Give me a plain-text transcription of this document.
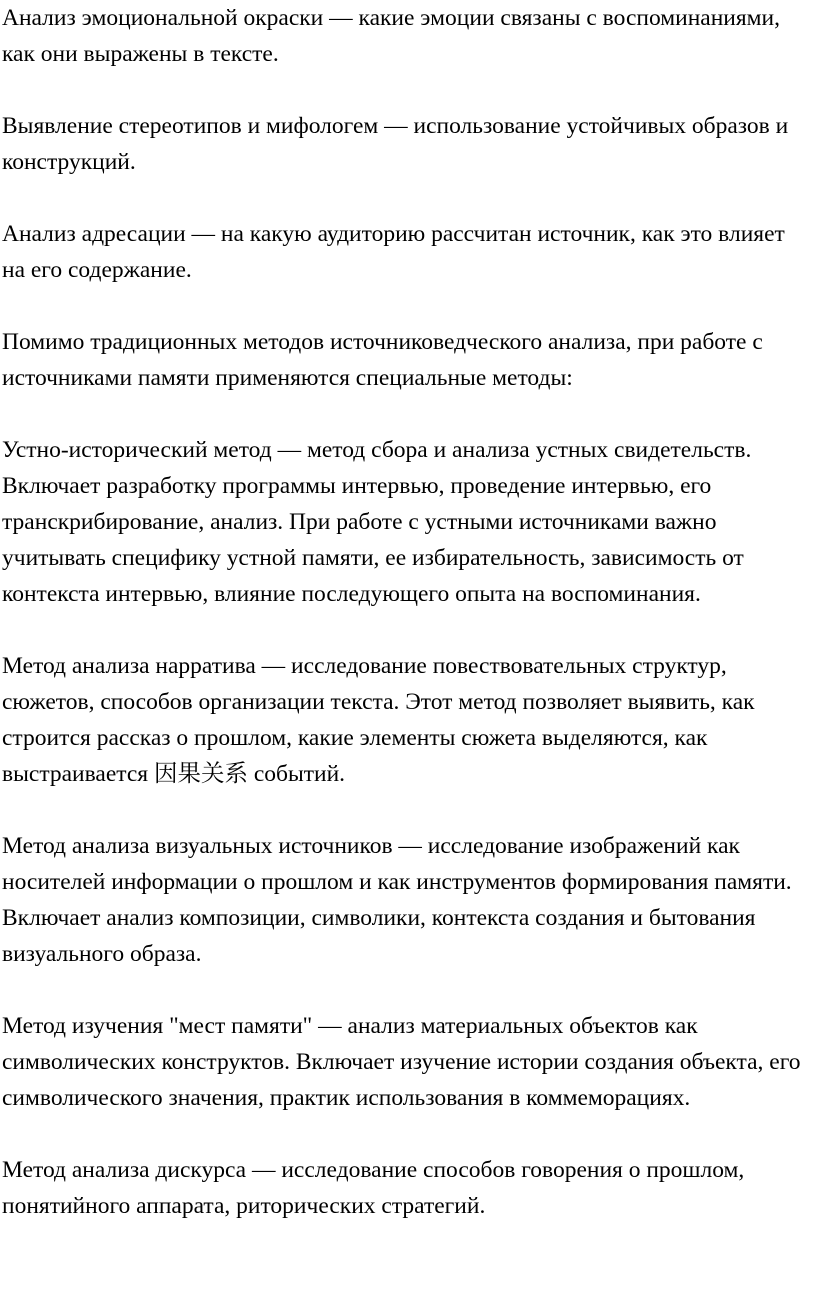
Анализ эмоциональной окраски — какие эмоции связаны с воспоминаниями, как они выражены в тексте.

Выявление стереотипов и мифологем — использование устойчивых образов и конструкций.

Анализ адресации — на какую аудиторию рассчитан источник, как это влияет на его содержание.

Помимо традиционных методов источниковедческого анализа, при работе с источниками памяти применяются специальные методы:

Устно-исторический метод — метод сбора и анализа устных свидетельств. Включает разработку программы интервью, проведение интервью, его транскрибирование, анализ. При работе с устными источниками важно учитывать специфику устной памяти, ее избирательность, зависимость от контекста интервью, влияние последующего опыта на воспоминания.

Метод анализа нарратива — исследование повествовательных структур, сюжетов, способов организации текста. Этот метод позволяет выявить, как строится рассказ о прошлом, какие элементы сюжета выделяются, как выстраивается 因果关系 событий.

Метод анализа визуальных источников — исследование изображений как носителей информации о прошлом и как инструментов формирования памяти. Включает анализ композиции, символики, контекста создания и бытования визуального образа.

Метод изучения "мест памяти" — анализ материальных объектов как символических конструктов. Включает изучение истории создания объекта, его символического значения, практик использования в коммеморациях.

Метод анализа дискурса — исследование способов говорения о прошлом, понятийного аппарата, риторических стратегий.
